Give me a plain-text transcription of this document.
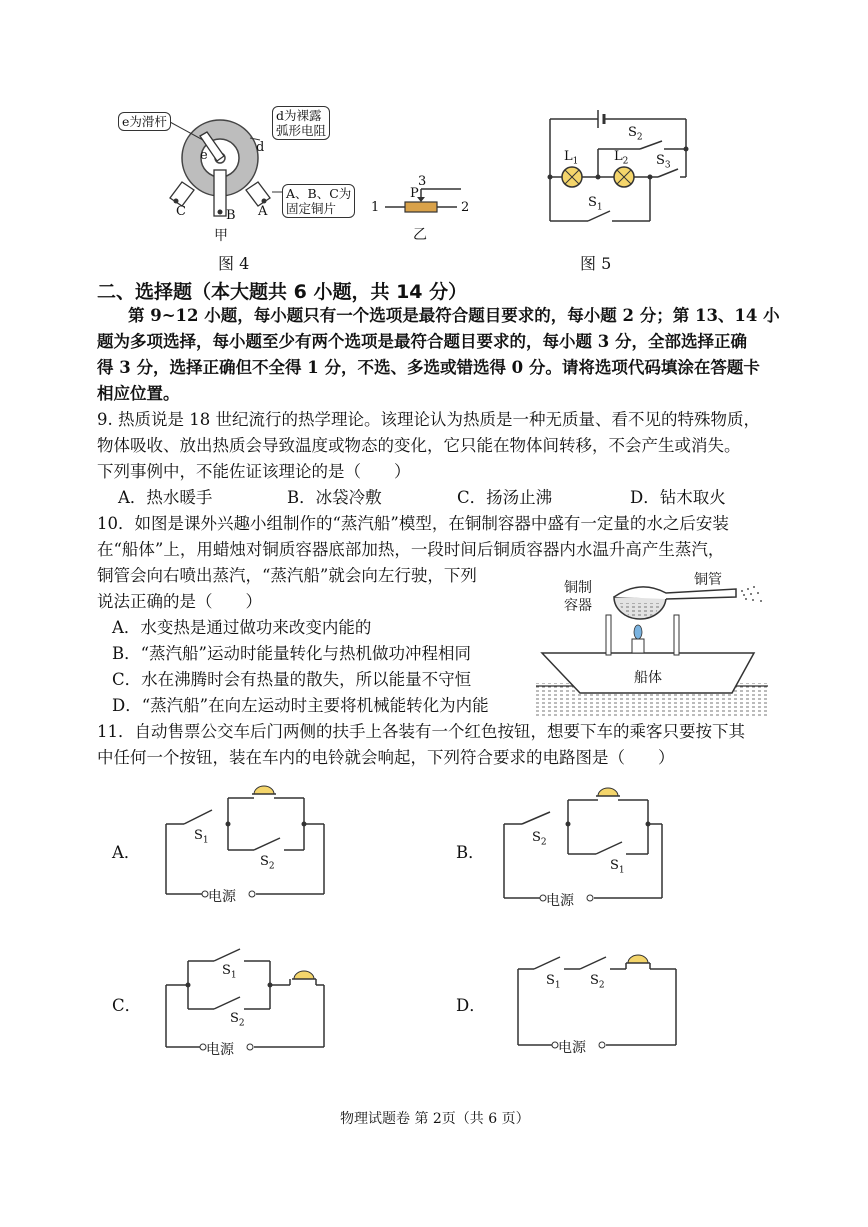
e为滑杆	d为裸露
弧形电阻
A、B、C为
固定铜片
d
e
C	B A
甲
1	2
3
P
乙
图 4
$L_1$	$L_2$
$S_2$
$S_3$
$S_1$
图 5
二、选择题（本大题共 6 小题，共 14 分）
第 9~12 小题，每小题只有一个选项是最符合题目要求的，每小题 2 分；第 13、14 小
题为多项选择，每小题至少有两个选项是最符合题目要求的，每小题 3 分，全部选择正确
得 3 分，选择正确但不全得 1 分，不选、多选或错选得 0 分。请将选项代码填涂在答题卡
相应位置。
9. 热质说是 18 世纪流行的热学理论。该理论认为热质是一种无质量、看不见的特殊物质，
物体吸收、放出热质会导致温度或物态的变化，它只能在物体间转移，不会产生或消失。
下列事例中，不能佐证该理论的是（　　）
A．热水暖手	B．冰袋冷敷	C．扬汤止沸	D．钻木取火
10．如图是课外兴趣小组制作的“蒸汽船”模型，在铜制容器中盛有一定量的水之后安装
在“船体”上，用蜡烛对铜质容器底部加热，一段时间后铜质容器内水温升高产生蒸汽，
铜管会向右喷出蒸汽，“蒸汽船”就会向左行驶，下列
说法正确的是（　　）
A．水变热是通过做功来改变内能的
B．“蒸汽船”运动时能量转化与热机做功冲程相同
C．水在沸腾时会有热量的散失，所以能量不守恒
D．“蒸汽船”在向左运动时主要将机械能转化为内能
铜制
容器
铜管
船体
11．自动售票公交车后门两侧的扶手上各装有一个红色按钮，想要下车的乘客只要按下其
中任何一个按钮，装在车内的电铃就会响起，下列符合要求的电路图是（　　）
A．
$S_1$
$S_2$
电源
B．
$S_2$
$S_1$
电源
C．
$S_1$
$S_2$
电源
D．
$S_1$ $S_2$
电源
物理试题卷 第 2页（共 6 页）
